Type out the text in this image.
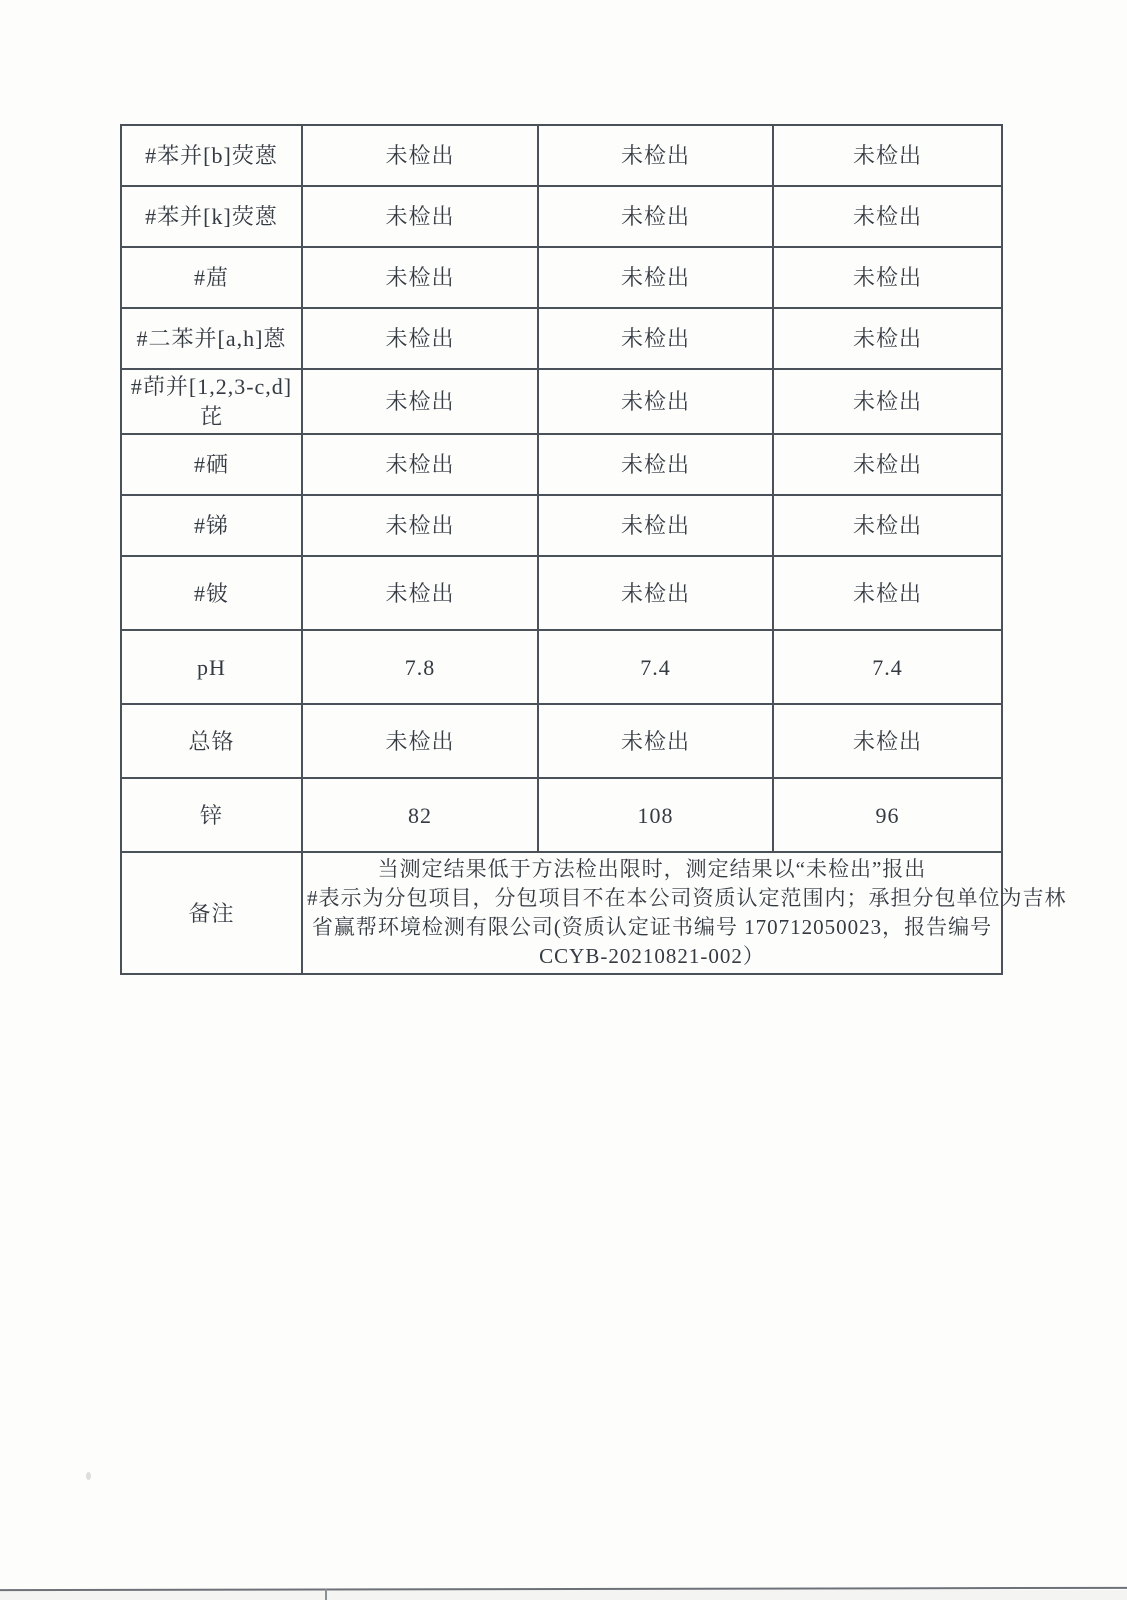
#苯并[b]荧蒽	未检出	未检出	未检出
#苯并[k]荧蒽	未检出	未检出	未检出
#䓛	未检出	未检出	未检出
#二苯并[a,h]蒽	未检出	未检出	未检出
#茚并[1,2,3-c,d]芘	未检出	未检出	未检出
#硒	未检出	未检出	未检出
#锑	未检出	未检出	未检出
#铍	未检出	未检出	未检出
pH	7.8	7.4	7.4
总铬	未检出	未检出	未检出
锌	82	108	96
备注	当测定结果低于方法检出限时，测定结果以“未检出”报出
#表示为分包项目，分包项目不在本公司资质认定范围内；承担分包单位为吉林
省赢帮环境检测有限公司(资质认定证书编号 170712050023，报告编号
CCYB-20210821-002）		
